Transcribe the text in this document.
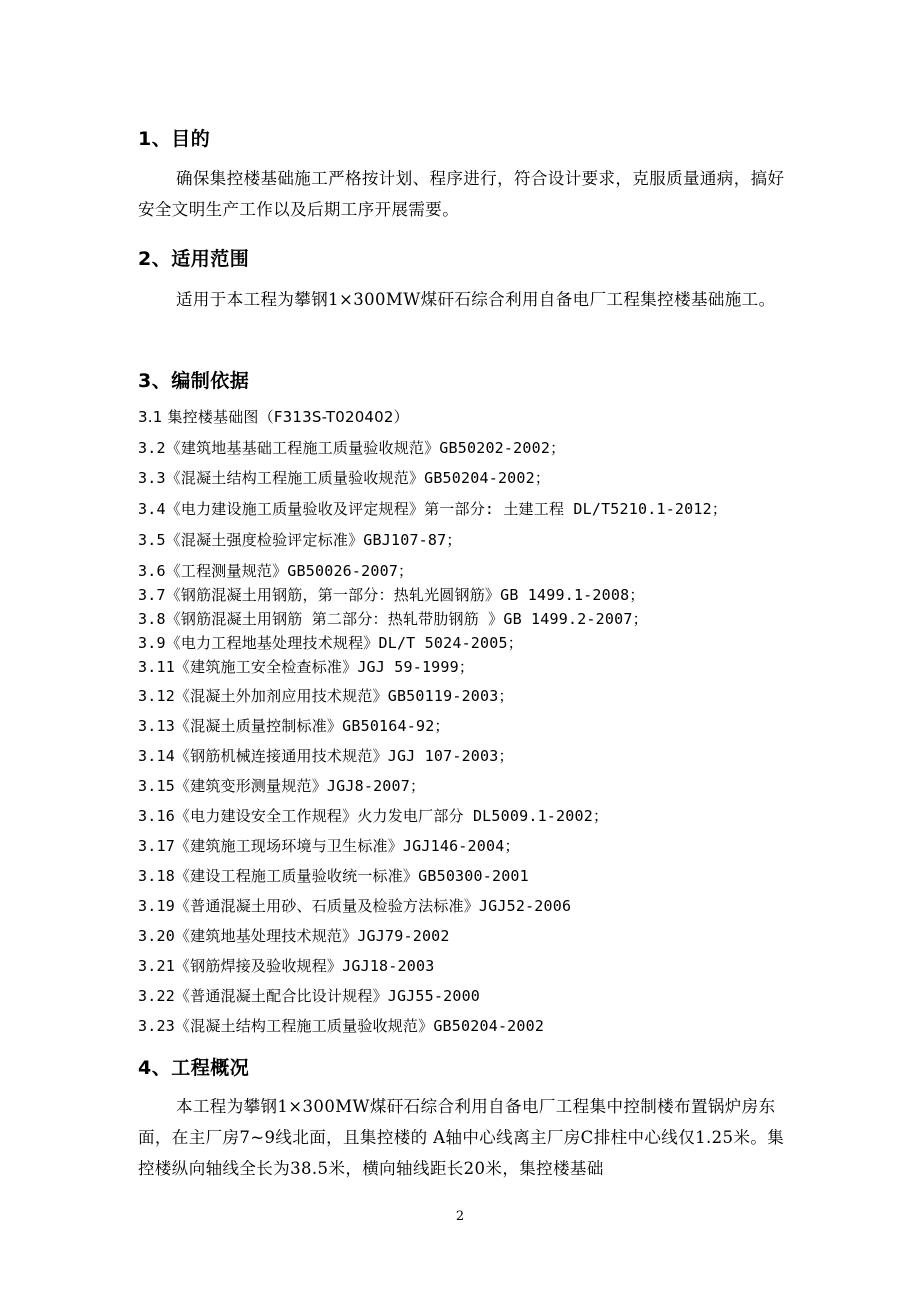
1、目的
确保集控楼基础施工严格按计划、程序进行，符合设计要求，克服质量通病，搞好安全文明生产工作以及后期工序开展需要。
2、适用范围
适用于本工程为攀钢1×300MW煤矸石综合利用自备电厂工程集控楼基础施工。
3、编制依据
3.1 集控楼基础图（F313S-T020402）
3.2《建筑地基基础工程施工质量验收规范》GB50202-2002；
3.3《混凝土结构工程施工质量验收规范》GB50204-2002；
3.4《电力建设施工质量验收及评定规程》第一部分: 土建工程 DL/T5210.1-2012；
3.5《混凝土强度检验评定标准》GBJ107-87；
3.6《工程测量规范》GB50026-2007；
3.7《钢筋混凝土用钢筋，第一部分：热轧光圆钢筋》GB 1499.1-2008；
3.8《钢筋混凝土用钢筋 第二部分：热轧带肋钢筋 》GB 1499.2-2007；
3.9《电力工程地基处理技术规程》DL/T 5024-2005；
3.11《建筑施工安全检查标准》JGJ 59-1999；
3.12《混凝土外加剂应用技术规范》GB50119-2003；
3.13《混凝土质量控制标准》GB50164-92；
3.14《钢筋机械连接通用技术规范》JGJ 107-2003；
3.15《建筑变形测量规范》JGJ8-2007；
3.16《电力建设安全工作规程》火力发电厂部分 DL5009.1-2002；
3.17《建筑施工现场环境与卫生标准》JGJ146-2004；
3.18《建设工程施工质量验收统一标准》GB50300-2001
3.19《普通混凝土用砂、石质量及检验方法标准》JGJ52-2006
3.20《建筑地基处理技术规范》JGJ79-2002
3.21《钢筋焊接及验收规程》JGJ18-2003
3.22《普通混凝土配合比设计规程》JGJ55-2000
3.23《混凝土结构工程施工质量验收规范》GB50204-2002
4、工程概况
本工程为攀钢1×300MW煤矸石综合利用自备电厂工程集中控制楼布置锅炉房东面，在主厂房7~9线北面，且集控楼的 A轴中心线离主厂房C排柱中心线仅1.25米。集控楼纵向轴线全长为38.5米，横向轴线距长20米，集控楼基础
2
